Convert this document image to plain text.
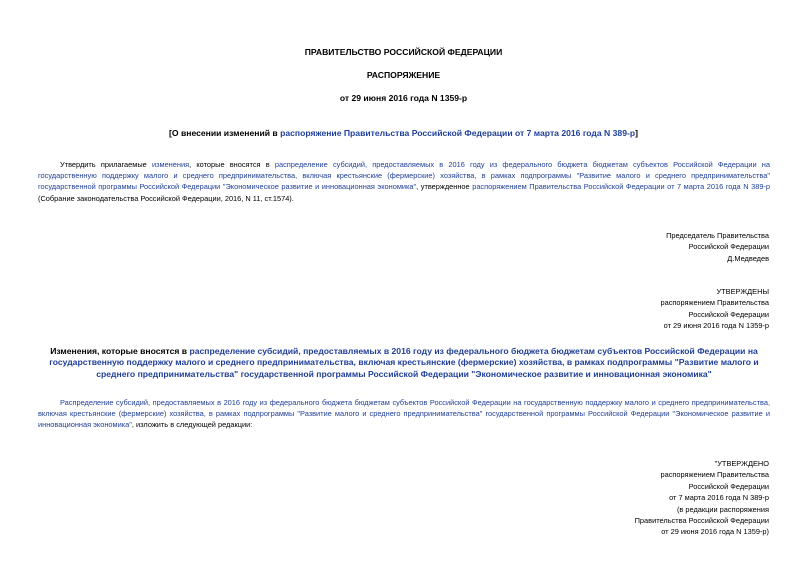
ПРАВИТЕЛЬСТВО РОССИЙСКОЙ ФЕДЕРАЦИИ
РАСПОРЯЖЕНИЕ
от 29 июня 2016 года N 1359-р
[О внесении изменений в распоряжение Правительства Российской Федерации от 7 марта 2016 года N 389-р]

Утвердить прилагаемые изменения, которые вносятся в распределение субсидий, предоставляемых в 2016 году из федерального бюджета бюджетам субъектов Российской Федерации на государственную поддержку малого и среднего предпринимательства, включая крестьянские (фермерские) хозяйства, в рамках подпрограммы "Развитие малого и среднего предпринимательства" государственной программы Российской Федерации "Экономическое развитие и инновационная экономика", утвержденное распоряжением Правительства Российской Федерации от 7 марта 2016 года N 389-р (Собрание законодательства Российской Федерации, 2016, N 11, ст.1574).

Председатель Правительства
Российской Федерации
Д.Медведев
УТВЕРЖДЕНЫ
распоряжением Правительства
Российской Федерации
от 29 июня 2016 года N 1359-р

Изменения, которые вносятся в распределение субсидий, предоставляемых в 2016 году из федерального бюджета бюджетам субъектов Российской Федерации на государственную поддержку малого и среднего предпринимательства, включая крестьянские (фермерские) хозяйства, в рамках подпрограммы "Развитие малого и среднего предпринимательства" государственной программы Российской Федерации "Экономическое развитие и инновационная экономика"

Распределение субсидий, предоставляемых в 2016 году из федерального бюджета бюджетам субъектов Российской Федерации на государственную поддержку малого и среднего предпринимательства, включая крестьянские (фермерские) хозяйства, в рамках подпрограммы "Развитие малого и среднего предпринимательства" государственной программы Российской Федерации "Экономическое развитие и инновационная экономика", изложить в следующей редакции:

"УТВЕРЖДЕНО
распоряжением Правительства
Российской Федерации
от 7 марта 2016 года N 389-р
(в редакции распоряжения
Правительства Российской Федерации
от 29 июня 2016 года N 1359-р)
